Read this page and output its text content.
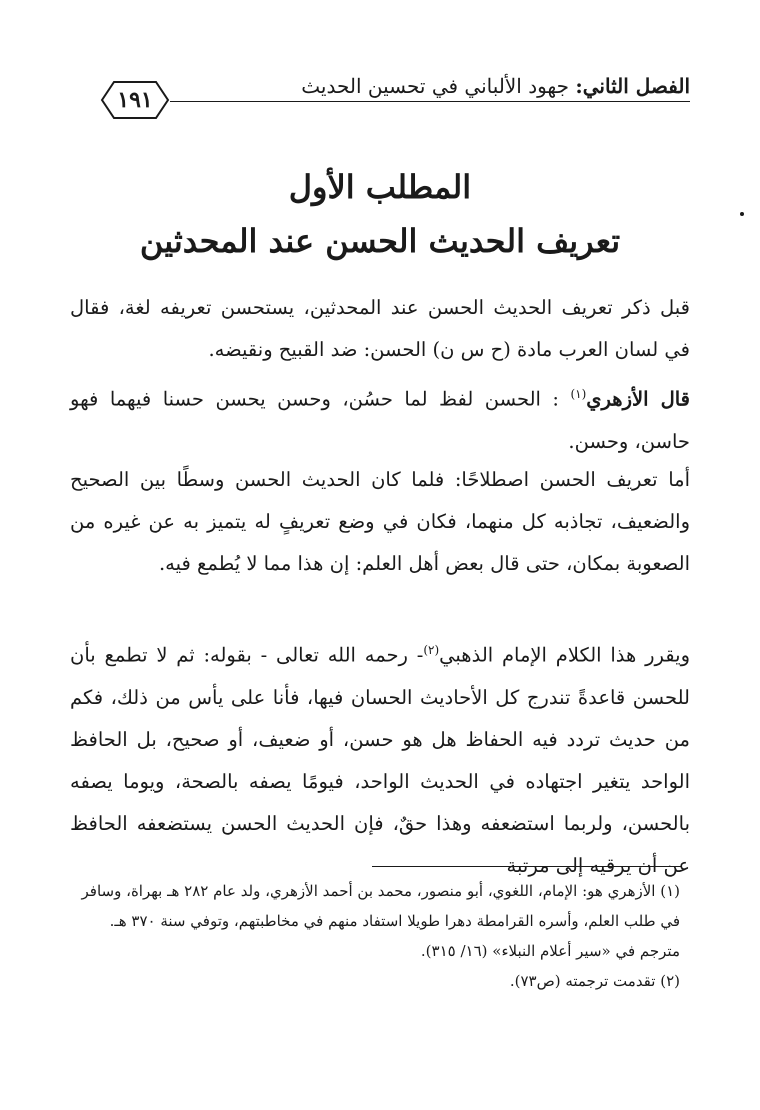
الفصل الثاني: جهود الألباني في تحسين الحديث
١٩١
المطلب الأول
تعريف الحديث الحسن عند المحدثين

قبل ذكر تعريف الحديث الحسن عند المحدثين، يستحسن تعريفه لغة، فقال في لسان العرب مادة (ح س ن) الحسن: ضد القبيح ونقيضه.

قال الأزهري$^{(١)}$ : الحسن لفظ لما حسُن، وحسن يحسن حسنا فيهما فهو حاسن، وحسن.

أما تعريف الحسن اصطلاحًا: فلما كان الحديث الحسن وسطًا بين الصحيح والضعيف، تجاذبه كل منهما، فكان في وضع تعريفٍ له يتميز به عن غيره من الصعوبة بمكان، حتى قال بعض أهل العلم: إن هذا مما لا يُطمع فيه.

ويقرر هذا الكلام الإمام الذهبي$^{(٢)}$- رحمه الله تعالى - بقوله: ثم لا تطمع بأن للحسن قاعدةً تندرج كل الأحاديث الحسان فيها، فأنا على يأس من ذلك، فكم من حديث تردد فيه الحفاظ هل هو حسن، أو ضعيف، أو صحيح، بل الحافظ الواحد يتغير اجتهاده في الحديث الواحد، فيومًا يصفه بالصحة، ويوما يصفه بالحسن، ولربما استضعفه وهذا حقٌ، فإن الحديث الحسن يستضعفه الحافظ عن أن يرقيه إلى مرتبة

(١) الأزهري هو: الإمام، اللغوي، أبو منصور، محمد بن أحمد الأزهري، ولد عام ٢٨٢ هـ بهراة، وسافر في طلب العلم، وأسره القرامطة دهرا طويلا استفاد منهم في مخاطبتهم، وتوفي سنة ٣٧٠ هـ. مترجم في «سير أعلام النبلاء» (١٦/ ٣١٥).

(٢) تقدمت ترجمته (ص٧٣).
